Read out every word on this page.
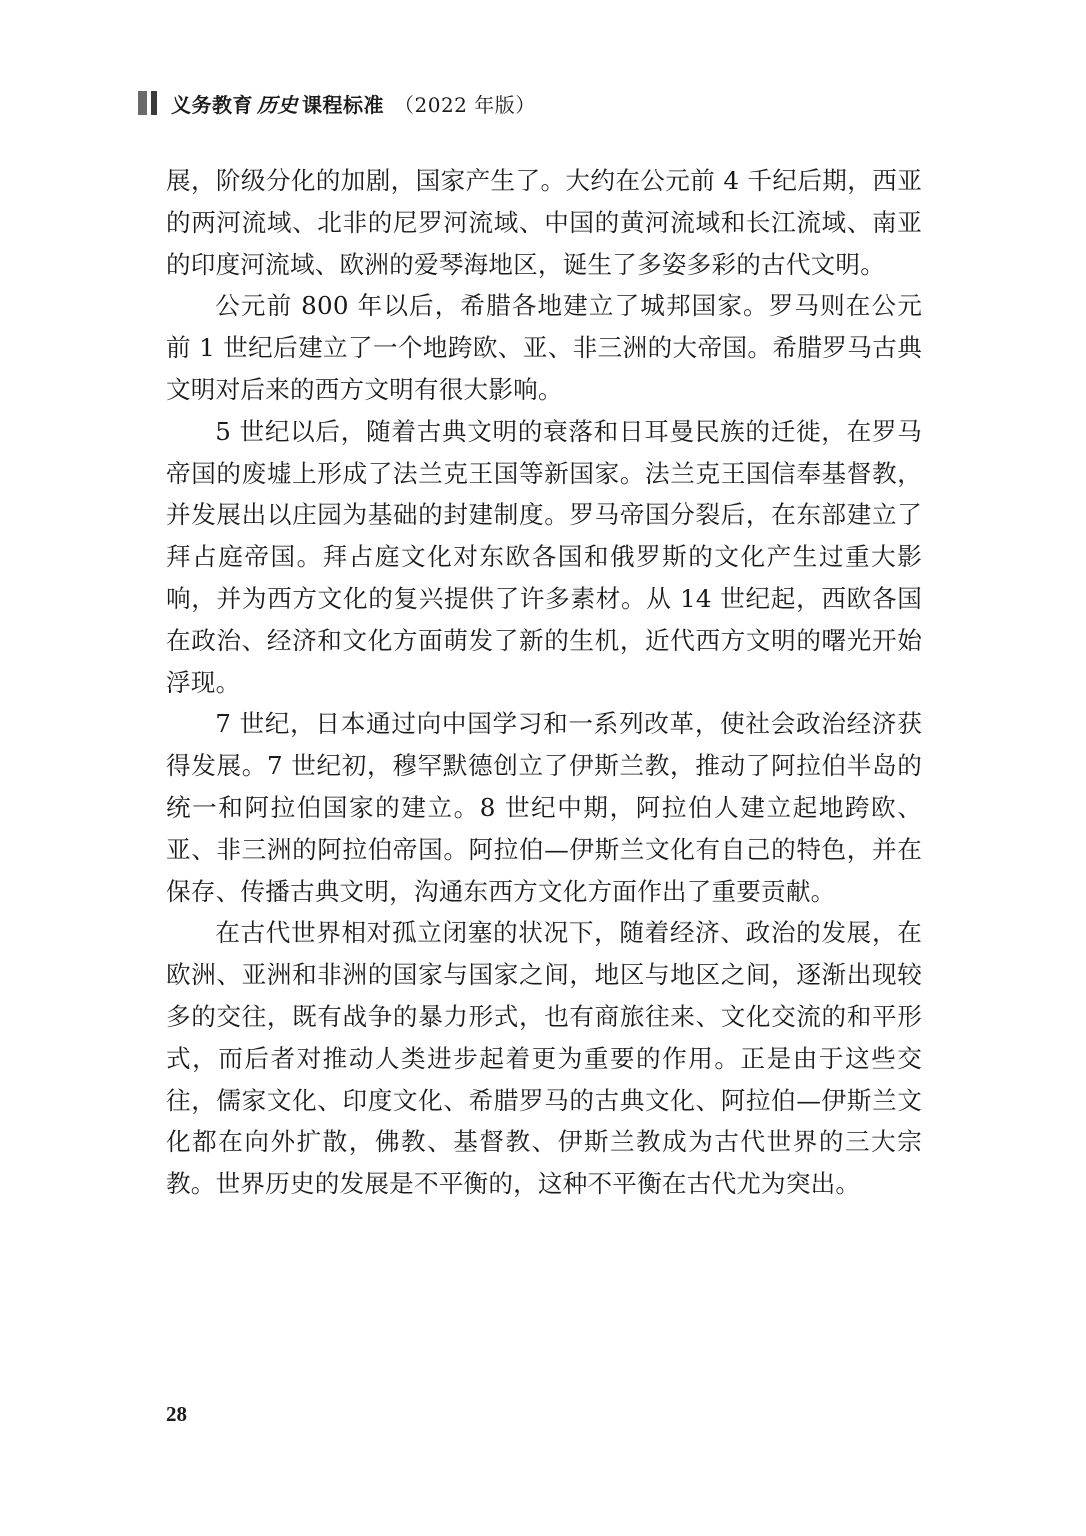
义务教育 历史 课程标准 （2022 年版）

展，阶级分化的加剧，国家产生了。大约在公元前 4 千纪后期，西亚的两河流域、北非的尼罗河流域、中国的黄河流域和长江流域、南亚的印度河流域、欧洲的爱琴海地区，诞生了多姿多彩的古代文明。

公元前 800 年以后，希腊各地建立了城邦国家。罗马则在公元前 1 世纪后建立了一个地跨欧、亚、非三洲的大帝国。希腊罗马古典文明对后来的西方文明有很大影响。

5 世纪以后，随着古典文明的衰落和日耳曼民族的迁徙，在罗马帝国的废墟上形成了法兰克王国等新国家。法兰克王国信奉基督教，并发展出以庄园为基础的封建制度。罗马帝国分裂后，在东部建立了拜占庭帝国。拜占庭文化对东欧各国和俄罗斯的文化产生过重大影响，并为西方文化的复兴提供了许多素材。从 14 世纪起，西欧各国在政治、经济和文化方面萌发了新的生机，近代西方文明的曙光开始浮现。

7 世纪，日本通过向中国学习和一系列改革，使社会政治经济获得发展。7 世纪初，穆罕默德创立了伊斯兰教，推动了阿拉伯半岛的统一和阿拉伯国家的建立。8 世纪中期，阿拉伯人建立起地跨欧、亚、非三洲的阿拉伯帝国。阿拉伯—伊斯兰文化有自己的特色，并在保存、传播古典文明，沟通东西方文化方面作出了重要贡献。

在古代世界相对孤立闭塞的状况下，随着经济、政治的发展，在欧洲、亚洲和非洲的国家与国家之间，地区与地区之间，逐渐出现较多的交往，既有战争的暴力形式，也有商旅往来、文化交流的和平形式，而后者对推动人类进步起着更为重要的作用。正是由于这些交往，儒家文化、印度文化、希腊罗马的古典文化、阿拉伯—伊斯兰文化都在向外扩散，佛教、基督教、伊斯兰教成为古代世界的三大宗教。世界历史的发展是不平衡的，这种不平衡在古代尤为突出。

28
